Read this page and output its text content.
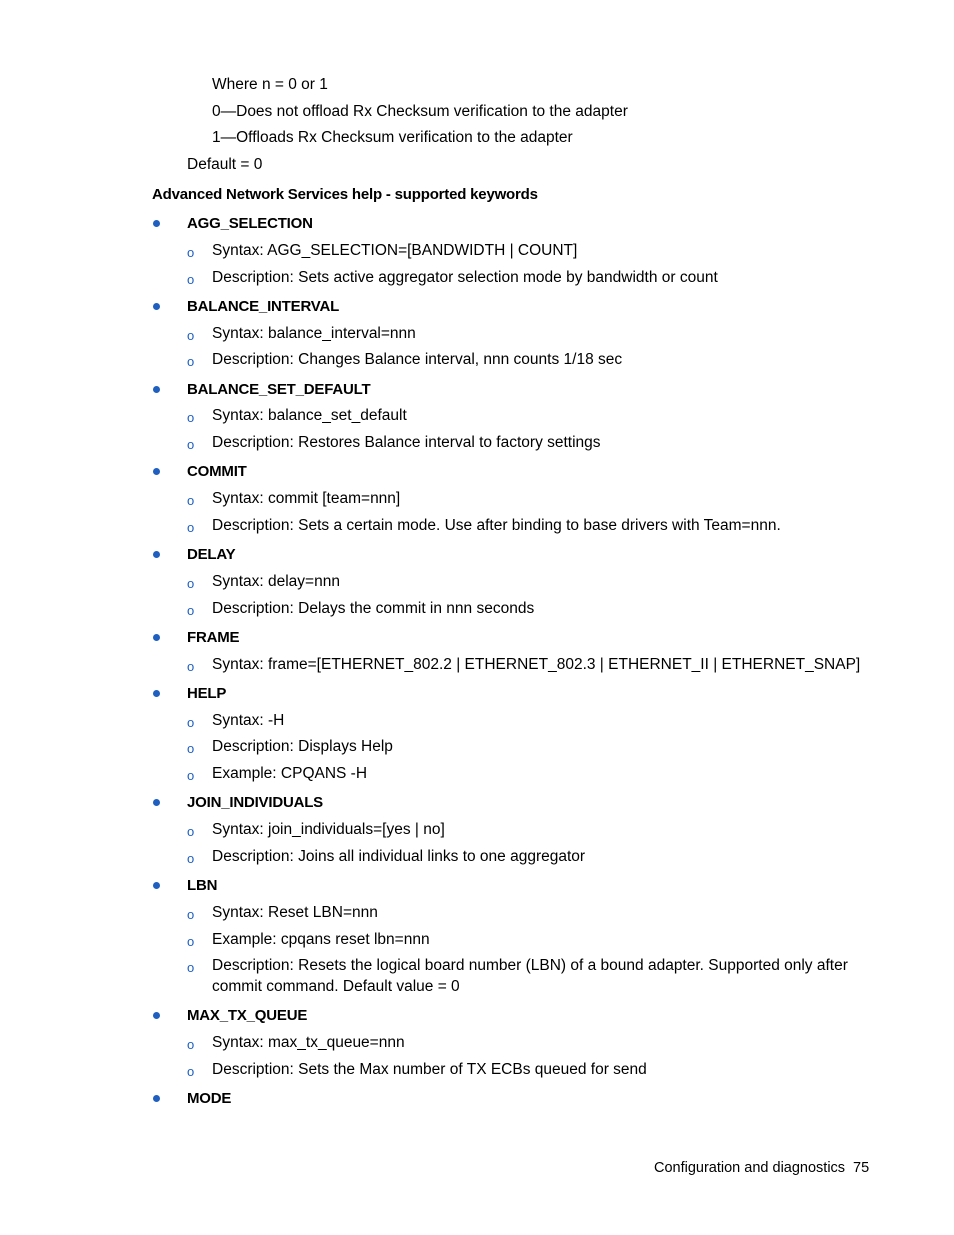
Where n = 0 or 1
0—Does not offload Rx Checksum verification to the adapter
1—Offloads Rx Checksum verification to the adapter
Default = 0
Advanced Network Services help - supported keywords
AGG_SELECTION
o Syntax: AGG_SELECTION=[BANDWIDTH | COUNT]
o Description: Sets active aggregator selection mode by bandwidth or count
BALANCE_INTERVAL
o Syntax: balance_interval=nnn
o Description: Changes Balance interval, nnn counts 1/18 sec
BALANCE_SET_DEFAULT
o Syntax: balance_set_default
o Description: Restores Balance interval to factory settings
COMMIT
o Syntax: commit [team=nnn]
o Description: Sets a certain mode. Use after binding to base drivers with Team=nnn.
DELAY
o Syntax: delay=nnn
o Description: Delays the commit in nnn seconds
FRAME
o Syntax: frame=[ETHERNET_802.2 | ETHERNET_802.3 | ETHERNET_II | ETHERNET_SNAP]
HELP
o Syntax: -H
o Description: Displays Help
o Example: CPQANS -H
JOIN_INDIVIDUALS
o Syntax: join_individuals=[yes | no]
o Description: Joins all individual links to one aggregator
LBN
o Syntax: Reset LBN=nnn
o Example: cpqans reset lbn=nnn
o Description: Resets the logical board number (LBN) of a bound adapter. Supported only after
commit command. Default value = 0
MAX_TX_QUEUE
o Syntax: max_tx_queue=nnn
o Description: Sets the Max number of TX ECBs queued for send
MODE
Configuration and diagnostics 75
